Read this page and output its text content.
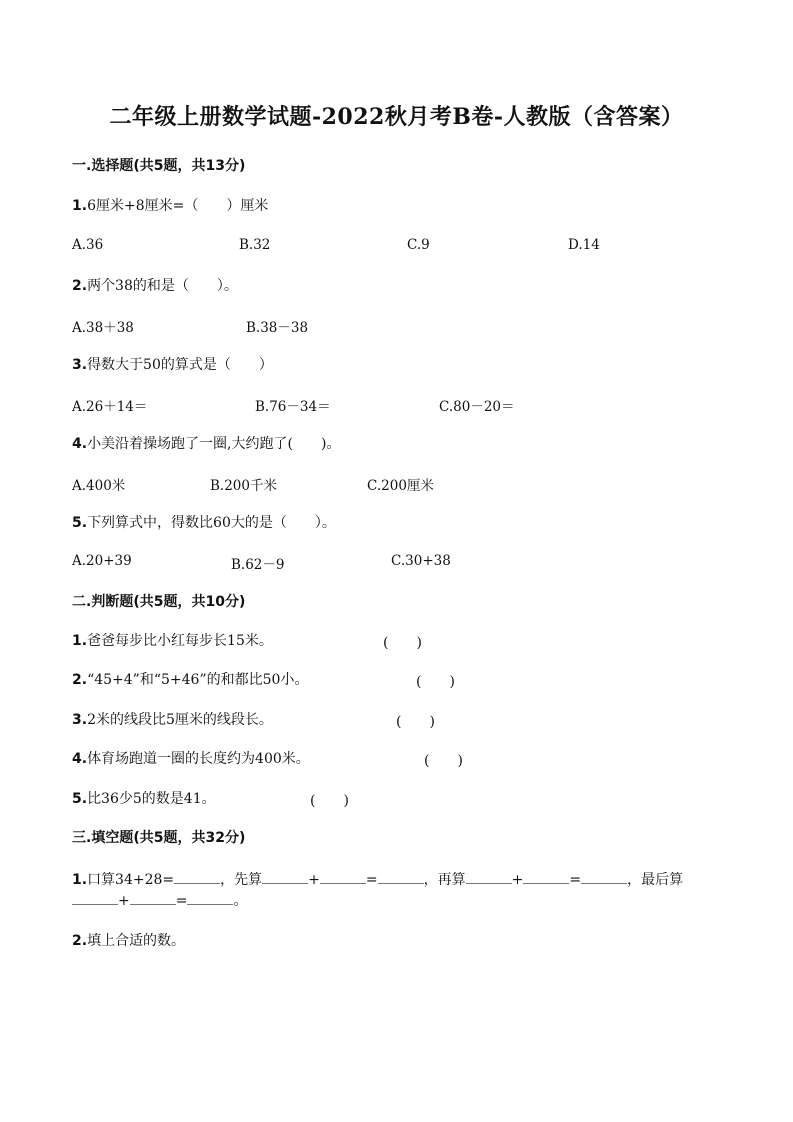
二年级上册数学试题-2022秋月考B卷-人教版（含答案）
一.选择题(共5题，共13分)
1.6厘米+8厘米=（　　）厘米
A.36	B.32	C.9	D.14
2.两个38的和是（　　）。
A.38＋38	B.38－38
3.得数大于50的算式是（　　）
A.26＋14＝	B.76－34＝	C.80－20＝
4.小美沿着操场跑了一圈,大约跑了(　　)。
A.400米	B.200千米	C.200厘米
5.下列算式中，得数比60大的是（　　）。
A.20+39	B.62－9	C.30+38
二.判断题(共5题，共10分)
1.爸爸每步比小红每步长15米。	(　　)
2.“45+4”和“5+46”的和都比50小。	(　　)
3.2米的线段比5厘米的线段长。	(　　)
4.体育场跑道一圈的长度约为400米。	(　　)
5.比36少5的数是41。	(　　)
三.填空题(共5题，共32分)
1.口算34+28=	，先算	+	=	，再算	+	=	，最后算
+	=	。
2.填上合适的数。
